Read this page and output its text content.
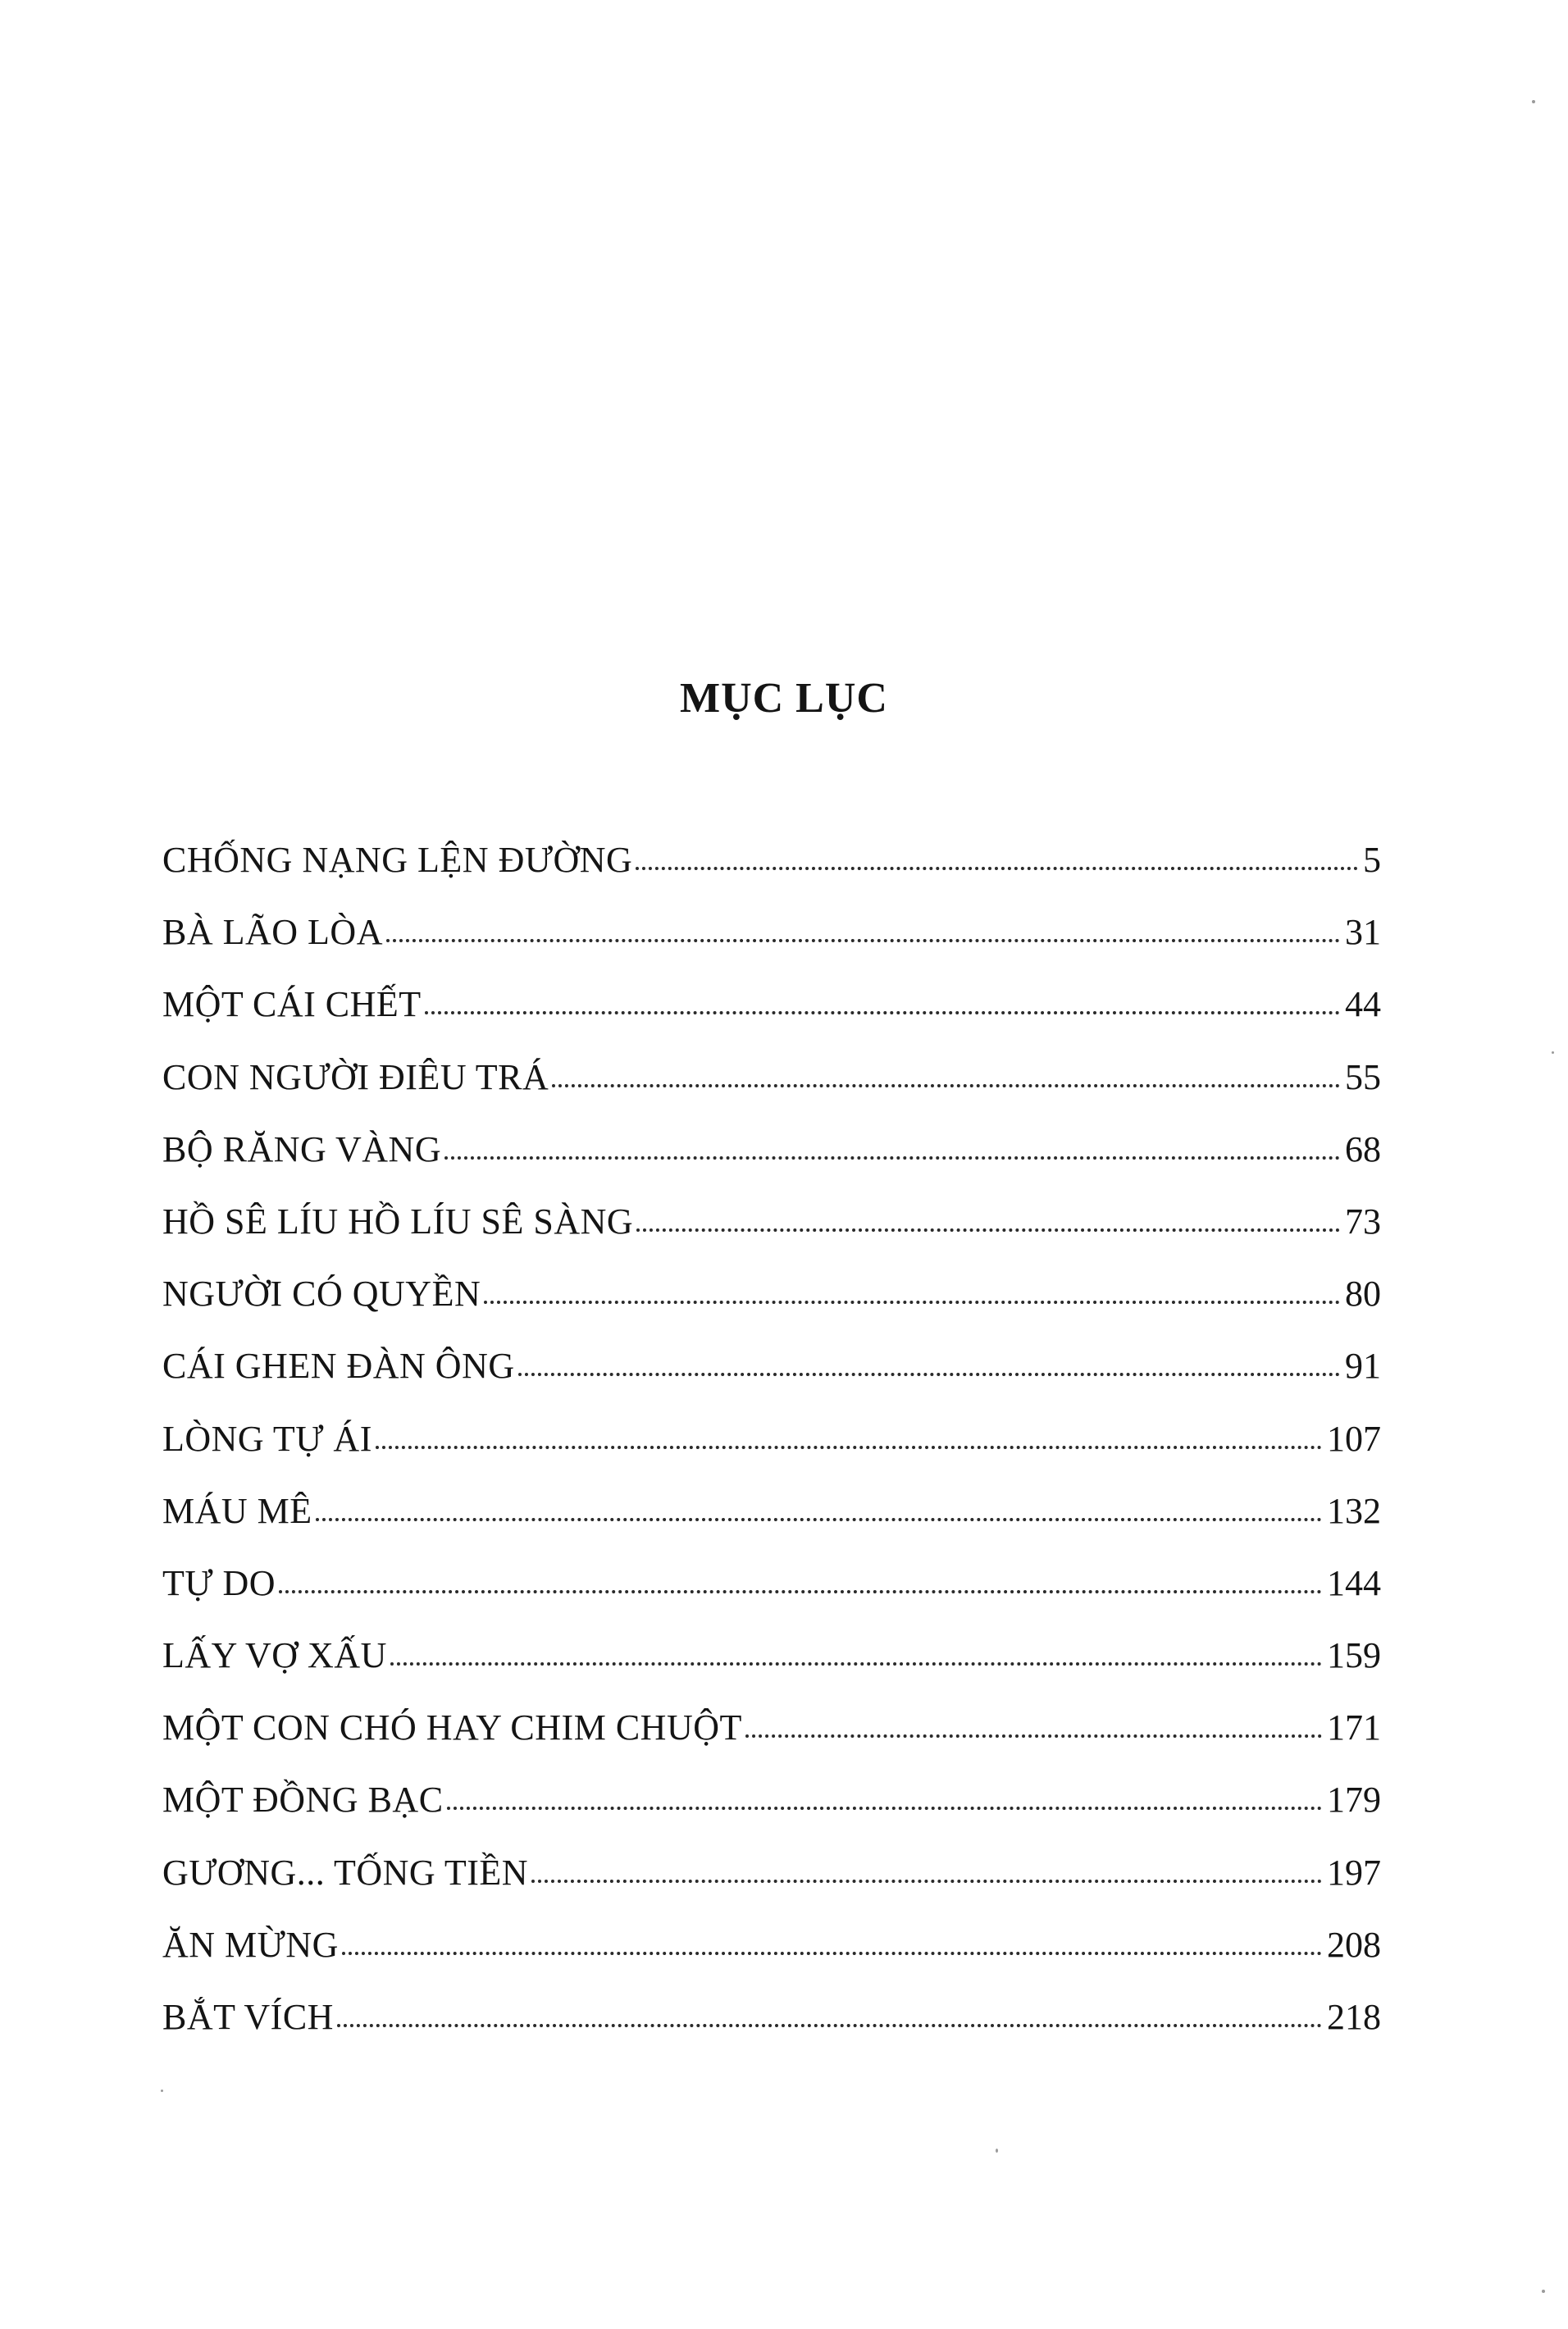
MỤC LỤC
CHỐNG NẠNG LỆN ĐƯỜNG	5
BÀ LÃO LÒA	31
MỘT CÁI CHẾT	44
CON NGƯỜI ĐIÊU TRÁ	55
BỘ RĂNG VÀNG	68
HỒ SÊ LÍU HỒ LÍU SÊ SÀNG	73
NGƯỜI CÓ QUYỀN	80
CÁI GHEN ĐÀN ÔNG	91
LÒNG TỰ ÁI	107
MÁU MÊ	132
TỰ DO	144
LẤY VỢ XẤU	159
MỘT CON CHÓ HAY CHIM CHUỘT	171
MỘT ĐỒNG BẠC	179
GƯƠNG... TỐNG TIỀN	197
ĂN MỪNG	208
BẮT VÍCH	218
